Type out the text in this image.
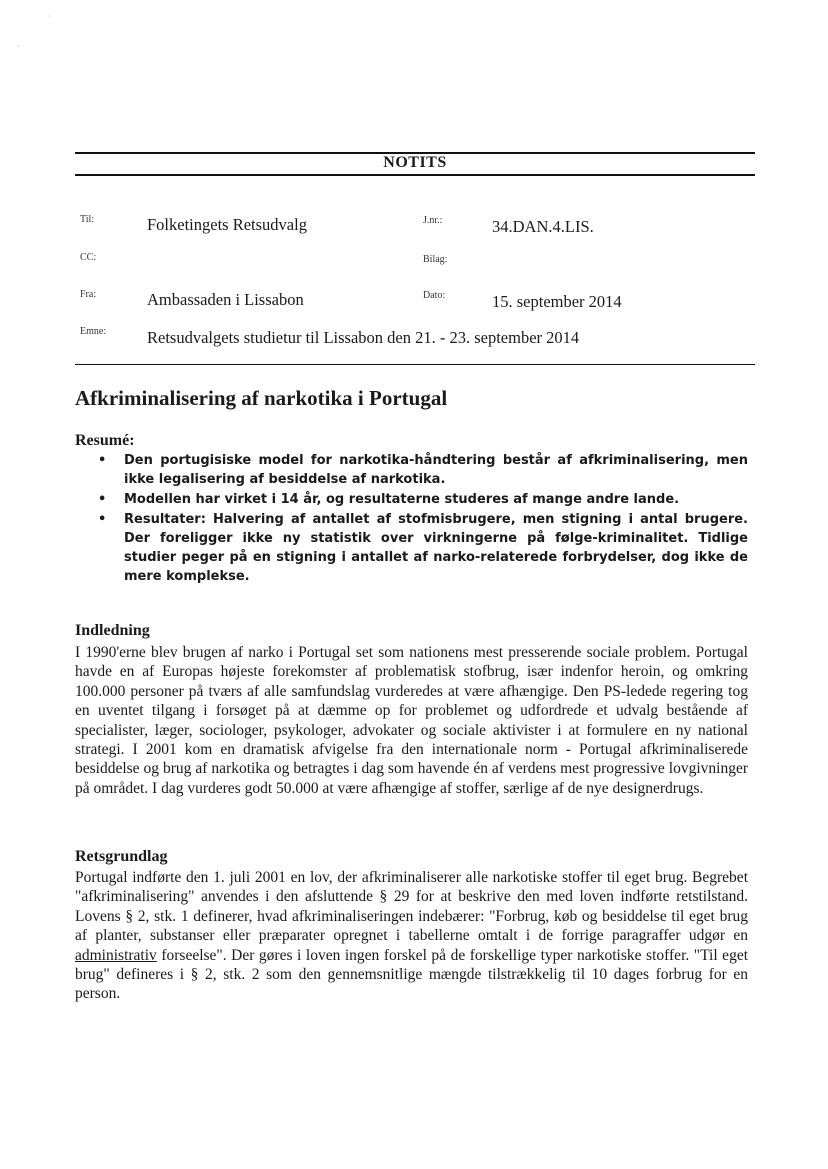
·
·
NOTITS
Til:	Folketingets Retsudvalg	J.nr.:	34.DAN.4.LIS.
CC:	Bilag:
Fra:	Ambassaden i Lissabon	Dato:	15. september 2014
Emne: Retsudvalgets studietur til Lissabon den 21. - 23. september 2014
Afkriminalisering af narkotika i Portugal
Resumé:
• Den portugisiske model for narkotika-håndtering består af afkriminalisering, men ikke legalisering af besiddelse af narkotika.
• Modellen har virket i 14 år, og resultaterne studeres af mange andre lande.
• Resultater: Halvering af antallet af stofmisbrugere, men stigning i antal brugere. Der foreligger ikke ny statistik over virkningerne på følge-kriminalitet. Tidlige studier peger på en stigning i antallet af narko-relaterede forbrydelser, dog ikke de mere komplekse.
Indledning

I 1990'erne blev brugen af narko i Portugal set som nationens mest presserende sociale problem. Portugal havde en af Europas højeste forekomster af problematisk stofbrug, især indenfor heroin, og omkring 100.000 personer på tværs af alle samfundslag vurderedes at være afhængige. Den PS-ledede regering tog en uventet tilgang i forsøget på at dæmme op for problemet og udfordrede et udvalg bestående af specialister, læger, sociologer, psykologer, advokater og sociale aktivister i at formulere en ny national strategi. I 2001 kom en dramatisk afvigelse fra den internationale norm - Portugal afkriminaliserede besiddelse og brug af narkotika og betragtes i dag som havende én af verdens mest progressive lovgivninger på området. I dag vurderes godt 50.000 at være afhængige af stoffer, særlige af de nye designerdrugs.

Retsgrundlag

Portugal indførte den 1. juli 2001 en lov, der afkriminaliserer alle narkotiske stoffer til eget brug. Begrebet "afkriminalisering" anvendes i den afsluttende § 29 for at beskrive den med loven indførte retstilstand. Lovens § 2, stk. 1 definerer, hvad afkriminaliseringen indebærer: "Forbrug, køb og besiddelse til eget brug af planter, substanser eller præparater opregnet i tabellerne omtalt i de forrige paragraffer udgør en administrativ forseelse". Der gøres i loven ingen forskel på de forskellige typer narkotiske stoffer. "Til eget brug" defineres i § 2, stk. 2 som den gennemsnitlige mængde tilstrækkelig til 10 dages forbrug for en person.
